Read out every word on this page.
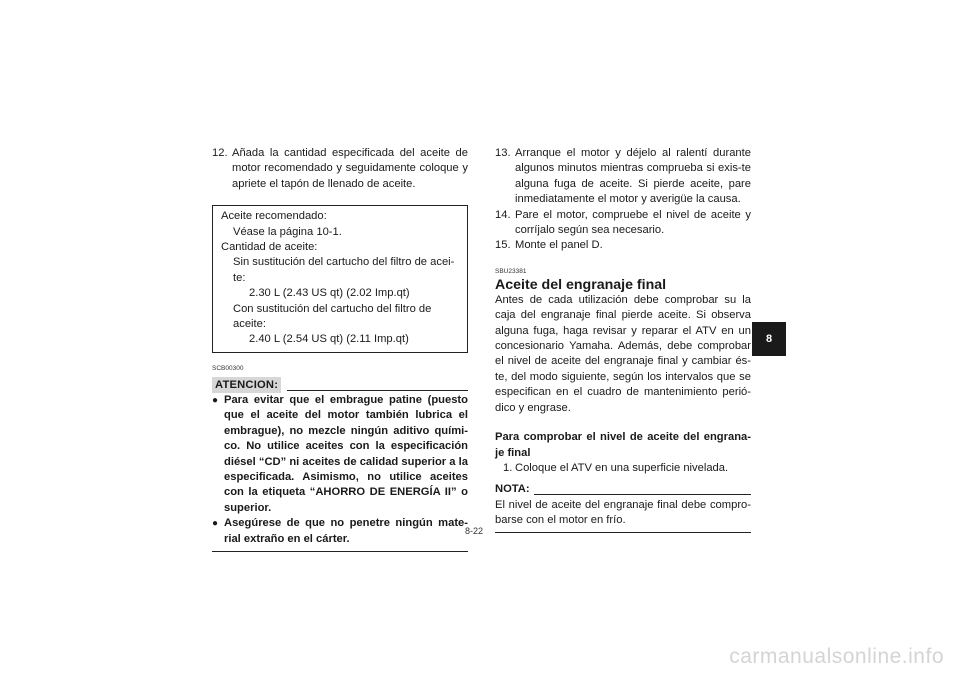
12. Añada la cantidad especificada del aceite de motor recomendado y seguidamente coloque y apriete el tapón de llenado de aceite.
Aceite recomendado:
Véase la página 10-1.
Cantidad de aceite:
Sin sustitución del cartucho del filtro de acei-
te:
2.30 L (2.43 US qt) (2.02 Imp.qt)
Con sustitución del cartucho del filtro de
aceite:
2.40 L (2.54 US qt) (2.11 Imp.qt)
SCB00300
ATENCION:
● Para evitar que el embrague patine (puesto que el aceite del motor también lubrica el embrague), no mezcle ningún aditivo quími-co. No utilice aceites con la especificación diésel “CD” ni aceites de calidad superior a la especificada. Asimismo, no utilice aceites con la etiqueta “AHORRO DE ENERGÍA II” o superior.
● Asegúrese de que no penetre ningún mate-rial extraño en el cárter.
13. Arranque el motor y déjelo al ralentí durante algunos minutos mientras comprueba si exis-te alguna fuga de aceite. Si pierde aceite, pare inmediatamente el motor y averigüe la causa.
14. Pare el motor, compruebe el nivel de aceite y corríjalo según sea necesario.
15. Monte el panel D.
SBU23381
Aceite del engranaje final
Antes de cada utilización debe comprobar su la caja del engranaje final pierde aceite. Si observa alguna fuga, haga revisar y reparar el ATV en un concesionario Yamaha. Además, debe comprobar el nivel de aceite del engranaje final y cambiar és-te, del modo siguiente, según los intervalos que se especifican en el cuadro de mantenimiento perió-dico y engrase.
Para comprobar el nivel de aceite del engrana-je final
1. Coloque el ATV en una superficie nivelada.
NOTA:
El nivel de aceite del engranaje final debe compro-barse con el motor en frío.
8-22
8
carmanualsonline.info
